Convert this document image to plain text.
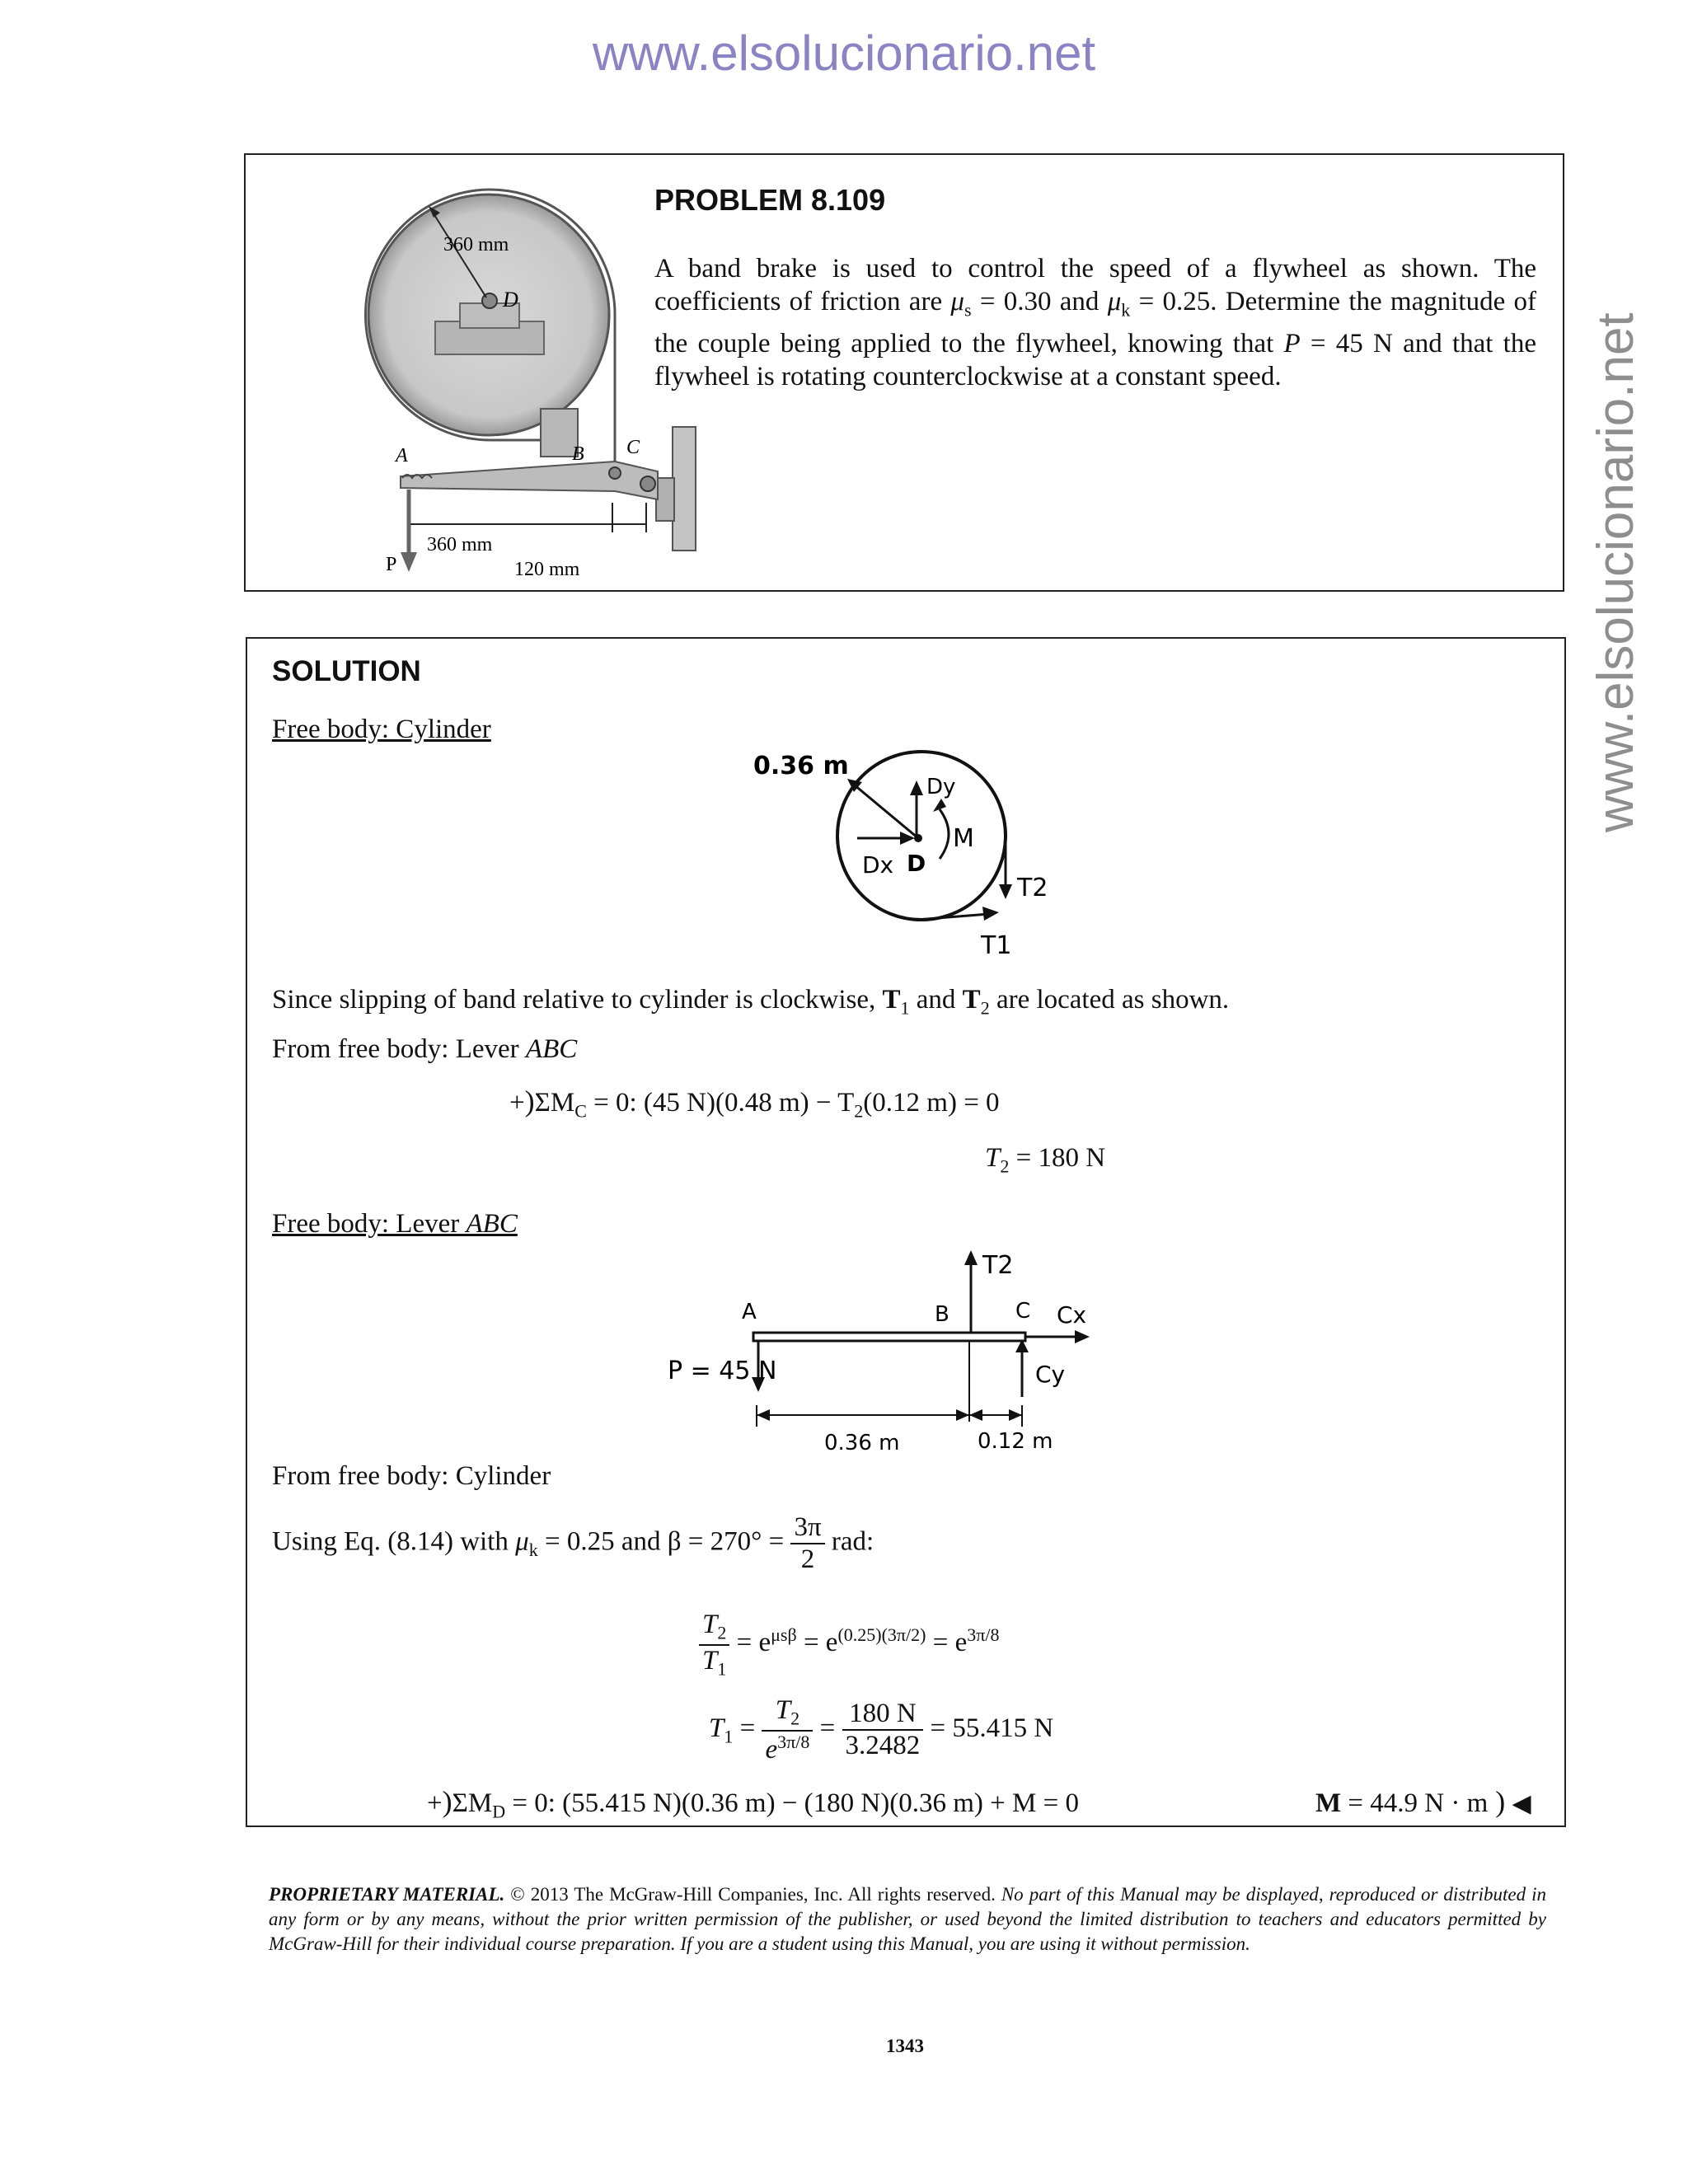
www.elsolucionario.net
www.elsolucionario.net
360 mm
D
A	B C
P
360 mm
120 mm
PROBLEM 8.109
A band brake is used to control the speed of a flywheel as shown. The coefficients of friction are $\mu_s = 0.30$ and $\mu_k = 0.25$. Determine the magnitude of the couple being applied to the flywheel, knowing that P = 45 N and that the flywheel is rotating counterclockwise at a constant speed.
SOLUTION
Free body: Cylinder
0.36 m
Dy
Dx D
M
T2
T1
Since slipping of band relative to cylinder is clockwise, $T_1$ and $T_2$ are located as shown.
From free body: Lever ABC
$+)\Sigma M_C = 0$: (45 N)(0.48 $m) - T_2(0.12$ m) = 0
$T_2 = 180$ N
Free body: Lever ABC
Cx
T2
A	B	C
P = 45 N	Cy
0.36 m	0.12 m
From free body: Cylinder
Using Eq. (8.14) with $\mu_k = 0.25$ and $\beta = 270^\circ = \frac{3\pi}{2}$ rad:
$\frac{T_2}{T_1} = e^{\mu s\beta} = e^{(0.25)(3\pi/2)} = e^{3\pi/8}$
$T_1 = \frac{T_2}{e^{3\pi/8}} = \frac{180 N}{3.2482} = 55.415$ N
$+)\Sigma M_D = 0$: (55.415 N)(0.36 m) − (180 N)(0.36 m) + M = 0	M = 44.9 N · m ) ◀
PROPRIETARY MATERIAL. © 2013 The McGraw-Hill Companies, Inc. All rights reserved. No part of this Manual may be displayed, reproduced or distributed in any form or by any means, without the prior written permission of the publisher, or used beyond the limited distribution to teachers and educators permitted by McGraw-Hill for their individual course preparation. If you are a student using this Manual, you are using it without permission.
1343
